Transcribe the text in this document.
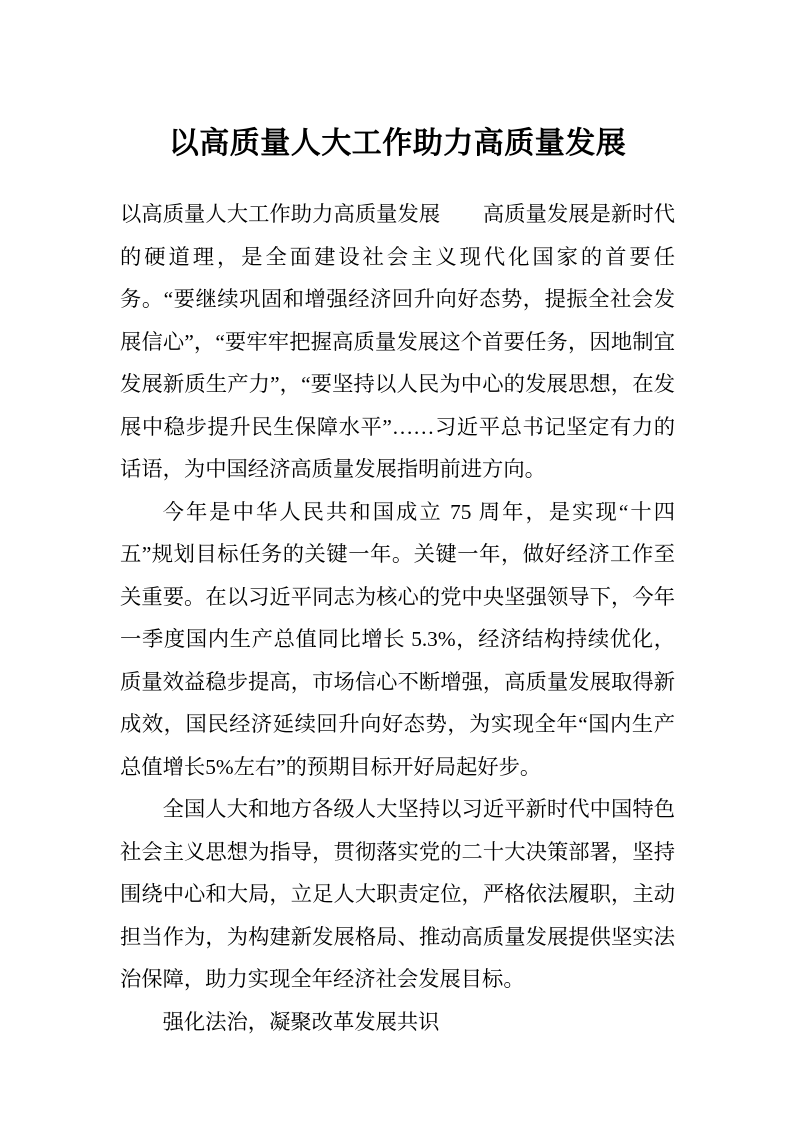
以高质量人大工作助力高质量发展

以高质量人大工作助力高质量发展　　高质量发展是新时代的硬道理，是全面建设社会主义现代化国家的首要任务。“要继续巩固和增强经济回升向好态势，提振全社会发展信心”，“要牢牢把握高质量发展这个首要任务，因地制宜发展新质生产力”，“要坚持以人民为中心的发展思想，在发展中稳步提升民生保障水平”……习近平总书记坚定有力的话语，为中国经济高质量发展指明前进方向。

今年是中华人民共和国成立 75 周年，是实现“十四五”规划目标任务的关键一年。关键一年，做好经济工作至关重要。在以习近平同志为核心的党中央坚强领导下，今年一季度国内生产总值同比增长 5.3%，经济结构持续优化，质量效益稳步提高，市场信心不断增强，高质量发展取得新成效，国民经济延续回升向好态势，为实现全年“国内生产总值增长5%左右”的预期目标开好局起好步。

全国人大和地方各级人大坚持以习近平新时代中国特色社会主义思想为指导，贯彻落实党的二十大决策部署，坚持围绕中心和大局，立足人大职责定位，严格依法履职，主动担当作为，为构建新发展格局、推动高质量发展提供坚实法治保障，助力实现全年经济社会发展目标。

强化法治，凝聚改革发展共识
